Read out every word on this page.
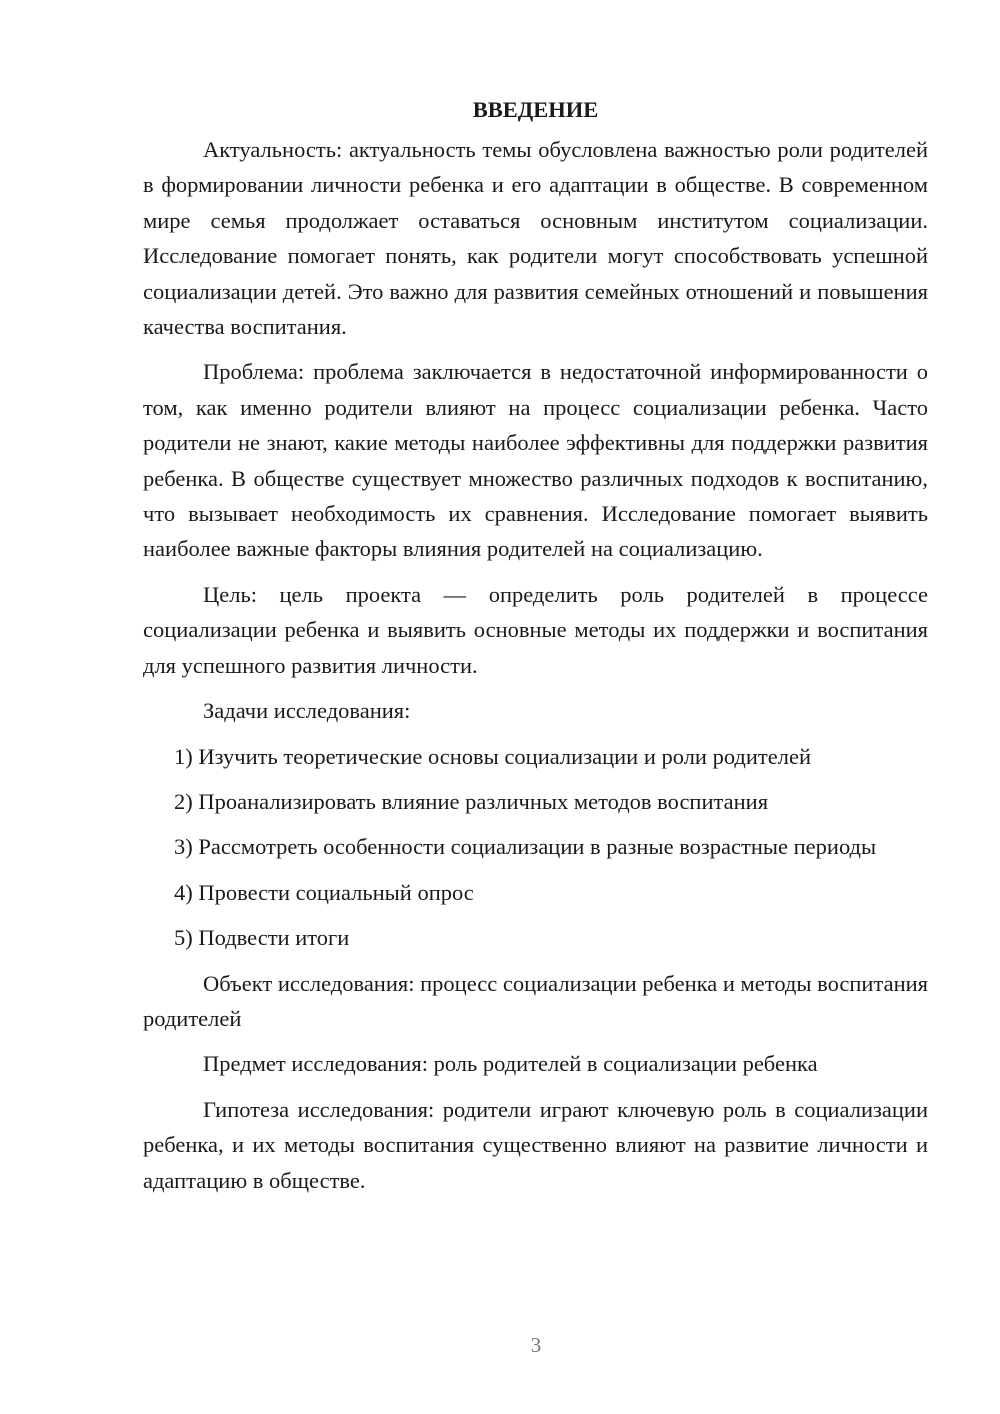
ВВЕДЕНИЕ

Актуальность: актуальность темы обусловлена важностью роли родителей в формировании личности ребенка и его адаптации в обществе. В современном мире семья продолжает оставаться основным институтом социализации. Исследование помогает понять, как родители могут способствовать успешной социализации детей. Это важно для развития семейных отношений и повышения качества воспитания.

Проблема: проблема заключается в недостаточной информированности о том, как именно родители влияют на процесс социализации ребенка. Часто родители не знают, какие методы наиболее эффективны для поддержки развития ребенка. В обществе существует множество различных подходов к воспитанию, что вызывает необходимость их сравнения. Исследование помогает выявить наиболее важные факторы влияния родителей на социализацию.

Цель: цель проекта — определить роль родителей в процессе социализации ребенка и выявить основные методы их поддержки и воспитания для успешного развития личности.

Задачи исследования:

1) Изучить теоретические основы социализации и роли родителей

2) Проанализировать влияние различных методов воспитания

3) Рассмотреть особенности социализации в разные возрастные периоды

4) Провести социальный опрос

5) Подвести итоги

Объект исследования: процесс социализации ребенка и методы воспитания родителей

Предмет исследования: роль родителей в социализации ребенка

Гипотеза исследования: родители играют ключевую роль в социализации ребенка, и их методы воспитания существенно влияют на развитие личности и адаптацию в обществе.

3
